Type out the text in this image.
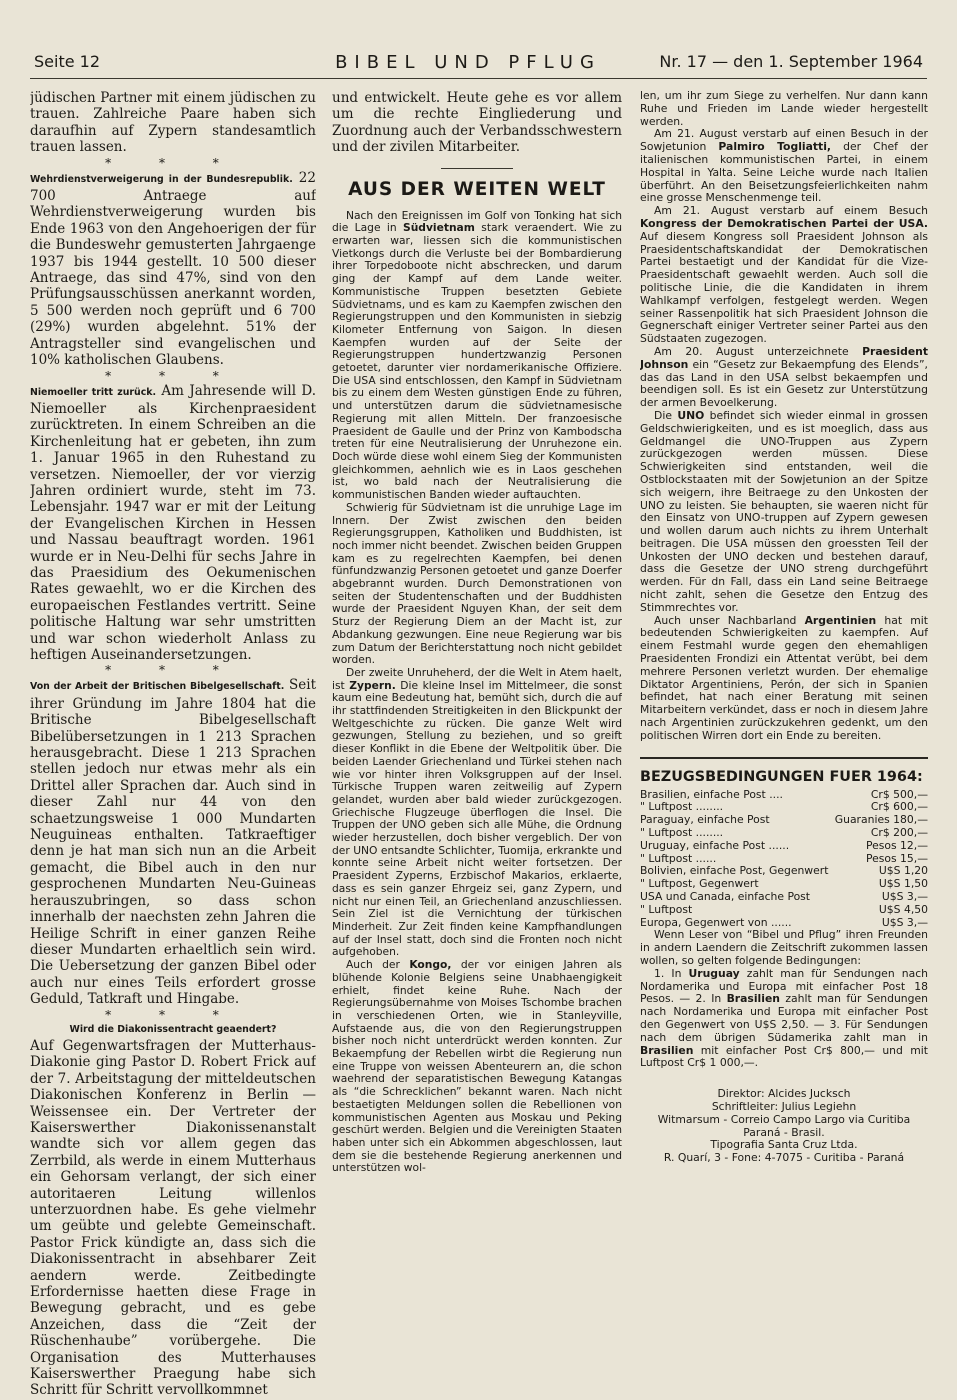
Seite 12	BIBEL UND PFLUG	Nr. 17 — den 1. September 1964

jüdischen Partner mit einem jüdischen zu trauen. Zahlreiche Paare haben sich daraufhin auf Zypern standesamtlich trauen lassen.

* * *

Wehrdienstverweigerung in der Bundesrepublik. 22 700 Antraege auf Wehrdienstverweigerung wurden bis Ende 1963 von den Angehoerigen der für die Bundeswehr gemusterten Jahrgaenge 1937 bis 1944 gestellt. 10 500 dieser Antraege, das sind 47%, sind von den Prüfungsausschüssen anerkannt worden, 5 500 werden noch geprüft und 6 700 (29%) wurden abgelehnt. 51% der Antragsteller sind evangelischen und 10% katholischen Glaubens.

* * *

Niemoeller tritt zurück. Am Jahresende will D. Niemoeller als Kirchenpraesident zurücktreten. In einem Schreiben an die Kirchenleitung hat er gebeten, ihn zum 1. Januar 1965 in den Ruhestand zu versetzen. Niemoeller, der vor vierzig Jahren ordiniert wurde, steht im 73. Lebensjahr. 1947 war er mit der Leitung der Evangelischen Kirchen in Hessen und Nassau beauftragt worden. 1961 wurde er in Neu-Delhi für sechs Jahre in das Praesidium des Oekumenischen Rates gewaehlt, wo er die Kirchen des europaeischen Festlandes vertritt. Seine politische Haltung war sehr umstritten und war schon wiederholt Anlass zu heftigen Auseinandersetzungen.

* * *

Von der Arbeit der Britischen Bibelgesellschaft. Seit ihrer Gründung im Jahre 1804 hat die Britische Bibelgesellschaft Bibelübersetzungen in 1 213 Sprachen herausgebracht. Diese 1 213 Sprachen stellen jedoch nur etwas mehr als ein Drittel aller Sprachen dar. Auch sind in dieser Zahl nur 44 von den schaetzungsweise 1 000 Mundarten Neuguineas enthalten. Tatkraeftiger denn je hat man sich nun an die Arbeit gemacht, die Bibel auch in den nur gesprochenen Mundarten Neu-Guineas herauszubringen, so dass schon innerhalb der naechsten zehn Jahren die Heilige Schrift in einer ganzen Reihe dieser Mundarten erhaeltlich sein wird. Die Uebersetzung der ganzen Bibel oder auch nur eines Teils erfordert grosse Geduld, Tatkraft und Hingabe.

* * *

Wird die Diakonissentracht geaendert?

Auf Gegenwartsfragen der Mutterhaus-Diakonie ging Pastor D. Robert Frick auf der 7. Arbeitstagung der mitteldeutschen Diakonischen Konferenz in Berlin — Weissensee ein. Der Vertreter der Kaiserswerther Diakonissenanstalt wandte sich vor allem gegen das Zerrbild, als werde in einem Mutterhaus ein Gehorsam verlangt, der sich einer autoritaeren Leitung willenlos unterzuordnen habe. Es gehe vielmehr um geübte und gelebte Gemeinschaft. Pastor Frick kündigte an, dass sich die Diakonissentracht in absehbarer Zeit aendern werde. Zeitbedingte Erfordernisse haetten diese Frage in Bewegung gebracht, und es gebe Anzeichen, dass die “Zeit der Rüschenhaube” vorübergehe. Die Organisation des Mutterhauses Kaiserswerther Praegung habe sich Schritt für Schritt vervollkommnet

und entwickelt. Heute gehe es vor allem um die rechte Eingliederung und Zuordnung auch der Verbandsschwestern und der zivilen Mitarbeiter.

AUS DER WEITEN WELT

Nach den Ereignissen im Golf von Tonking hat sich die Lage in Südvietnam stark veraendert. Wie zu erwarten war, liessen sich die kommunistischen Vietkongs durch die Verluste bei der Bombardierung ihrer Torpedoboote nicht abschrecken, und darum ging der Kampf auf dem Lande weiter. Kommunistische Truppen besetzten Gebiete Südvietnams, und es kam zu Kaempfen zwischen den Regierungstruppen und den Kommunisten in siebzig Kilometer Entfernung von Saigon. In diesen Kaempfen wurden auf der Seite der Regierungstruppen hundertzwanzig Personen getoetet, darunter vier nordamerikanische Offiziere. Die USA sind entschlossen, den Kampf in Südvietnam bis zu einem dem Westen günstigen Ende zu führen, und unterstützen darum die südvietnamesische Regierung mit allen Mitteln. Der franzoesische Praesident de Gaulle und der Prinz von Kambodscha treten für eine Neutralisierung der Unruhezone ein. Doch würde diese wohl einem Sieg der Kommunisten gleichkommen, aehnlich wie es in Laos geschehen ist, wo bald nach der Neutralisierung die kommunistischen Banden wieder auftauchten.

Schwierig für Südvietnam ist die unruhige Lage im Innern. Der Zwist zwischen den beiden Regierungsgruppen, Katholiken und Buddhisten, ist noch immer nicht beendet. Zwischen beiden Gruppen kam es zu regelrechten Kaempfen, bei denen fünfundzwanzig Personen getoetet und ganze Doerfer abgebrannt wurden. Durch Demonstrationen von seiten der Studentenschaften und der Buddhisten wurde der Praesident Nguyen Khan, der seit dem Sturz der Regierung Diem an der Macht ist, zur Abdankung gezwungen. Eine neue Regierung war bis zum Datum der Berichterstattung noch nicht gebildet worden.

Der zweite Unruheherd, der die Welt in Atem haelt, ist Zypern. Die kleine Insel im Mittelmeer, die sonst kaum eine Bedeutung hat, bemüht sich, durch die auf ihr stattfindenden Streitigkeiten in den Blickpunkt der Weltgeschichte zu rücken. Die ganze Welt wird gezwungen, Stellung zu beziehen, und so greift dieser Konflikt in die Ebene der Weltpolitik über. Die beiden Laender Griechenland und Türkei stehen nach wie vor hinter ihren Volksgruppen auf der Insel. Türkische Truppen waren zeitweilig auf Zypern gelandet, wurden aber bald wieder zurückgezogen. Griechische Flugzeuge überflogen die Insel. Die Truppen der UNO geben sich alle Mühe, die Ordnung wieder herzustellen, doch bisher vergeblich. Der von der UNO entsandte Schlichter, Tuomija, erkrankte und konnte seine Arbeit nicht weiter fortsetzen. Der Praesident Zyperns, Erzbischof Makarios, erklaerte, dass es sein ganzer Ehrgeiz sei, ganz Zypern, und nicht nur einen Teil, an Griechenland anzuschliessen. Sein Ziel ist die Vernichtung der türkischen Minderheit. Zur Zeit finden keine Kampfhandlungen auf der Insel statt, doch sind die Fronten noch nicht aufgehoben.

Auch der Kongo, der vor einigen Jahren als blühende Kolonie Belgiens seine Unabhaengigkeit erhielt, findet keine Ruhe. Nach der Regierungsübernahme von Moises Tschombe brachen in verschiedenen Orten, wie in Stanleyville, Aufstaende aus, die von den Regierungstruppen bisher noch nicht unterdrückt werden konnten. Zur Bekaempfung der Rebellen wirbt die Regierung nun eine Truppe von weissen Abenteurern an, die schon waehrend der separatistischen Bewegung Katangas als “die Schrecklichen” bekannt waren. Nach nicht bestaetigten Meldungen sollen die Rebellionen von kommunistischen Agenten aus Moskau und Peking geschürt werden. Belgien und die Vereinigten Staaten haben unter sich ein Abkommen abgeschlossen, laut dem sie die bestehende Regierung anerkennen und unterstützen wol-

len, um ihr zum Siege zu verhelfen. Nur dann kann Ruhe und Frieden im Lande wieder hergestellt werden.

Am 21. August verstarb auf einen Besuch in der Sowjetunion Palmiro Togliatti, der Chef der italienischen kommunistischen Partei, in einem Hospital in Yalta. Seine Leiche wurde nach Italien überführt. An den Beisetzungsfeierlichkeiten nahm eine grosse Menschenmenge teil.

Am 21. August verstarb auf einem Besuch Kongress der Demokratischen Partei der USA. Auf diesem Kongress soll Praesident Johnson als Praesidentschaftskandidat der Demokratischen Partei bestaetigt und der Kandidat für die Vize-Praesidentschaft gewaehlt werden. Auch soll die politische Linie, die die Kandidaten in ihrem Wahlkampf verfolgen, festgelegt werden. Wegen seiner Rassenpolitik hat sich Praesident Johnson die Gegnerschaft einiger Vertreter seiner Partei aus den Südstaaten zugezogen.

Am 20. August unterzeichnete Praesident Johnson ein “Gesetz zur Bekaempfung des Elends”, das das Land in den USA selbst bekaempfen und beendigen soll. Es ist ein Gesetz zur Unterstützung der armen Bevoelkerung.

Die UNO befindet sich wieder einmal in grossen Geldschwierigkeiten, und es ist moeglich, dass aus Geldmangel die UNO-Truppen aus Zypern zurückgezogen werden müssen. Diese Schwierigkeiten sind entstanden, weil die Ostblockstaaten mit der Sowjetunion an der Spitze sich weigern, ihre Beitraege zu den Unkosten der UNO zu leisten. Sie behaupten, sie waeren nicht für den Einsatz von UNO-truppen auf Zypern gewesen und wollen darum auch nichts zu ihrem Unterhalt beitragen. Die USA müssen den groessten Teil der Unkosten der UNO decken und bestehen darauf, dass die Gesetze der UNO streng durchgeführt werden. Für dn Fall, dass ein Land seine Beitraege nicht zahlt, sehen die Gesetze den Entzug des Stimmrechtes vor.

Auch unser Nachbarland Argentinien hat mit bedeutenden Schwierigkeiten zu kaempfen. Auf einem Festmahl wurde gegen den ehemahligen Praesidenten Frondizi ein Attentat verübt, bei dem mehrere Personen verletzt wurden. Der ehemalige Diktator Argentiniens, Perón, der sich in Spanien befindet, hat nach einer Beratung mit seinen Mitarbeitern verkündet, dass er noch in diesem Jahre nach Argentinien zurückzukehren gedenkt, um den politischen Wirren dort ein Ende zu bereiten.

BEZUGSBEDINGUNGEN FUER 1964:

Brasilien, einfache Post ....	Cr$ 500,—
" Luftpost ........	Cr$ 600,—
Paraguay, einfache Post	Guaranies 180,—
" Luftpost ........	Cr$ 200,—
Uruguay, einfache Post ......	Pesos 12,—
" Luftpost ......	Pesos 15,—
Bolivien, einfache Post, Gegenwert	U$S 1,20
" Luftpost, Gegenwert	U$S 1,50
USA und Canada, einfache Post	U$S 3,—
" Luftpost	U$S 4,50
Europa, Gegenwert von ......	U$S 3,—

Wenn Leser von “Bibel und Pflug” ihren Freunden in andern Laendern die Zeitschrift zukommen lassen wollen, so gelten folgende Bedingungen:

1. In Uruguay zahlt man für Sendungen nach Nordamerika und Europa mit einfacher Post 18 Pesos. — 2. In Brasilien zahlt man für Sendungen nach Nordamerika und Europa mit einfacher Post den Gegenwert von U$S 2,50. — 3. Für Sendungen nach dem übrigen Südamerika zahlt man in Brasilien mit einfacher Post Cr$ 800,— und mit Luftpost Cr$ 1 000,—.

Direktor: Alcides Jucksch
Schriftleiter: Julius Legiehn
Witmarsum - Correio Campo Largo via Curitiba
Paraná - Brasil.
Tipografia Santa Cruz Ltda.
R. Quarí, 3 - Fone: 4-7075 - Curitiba - Paraná
